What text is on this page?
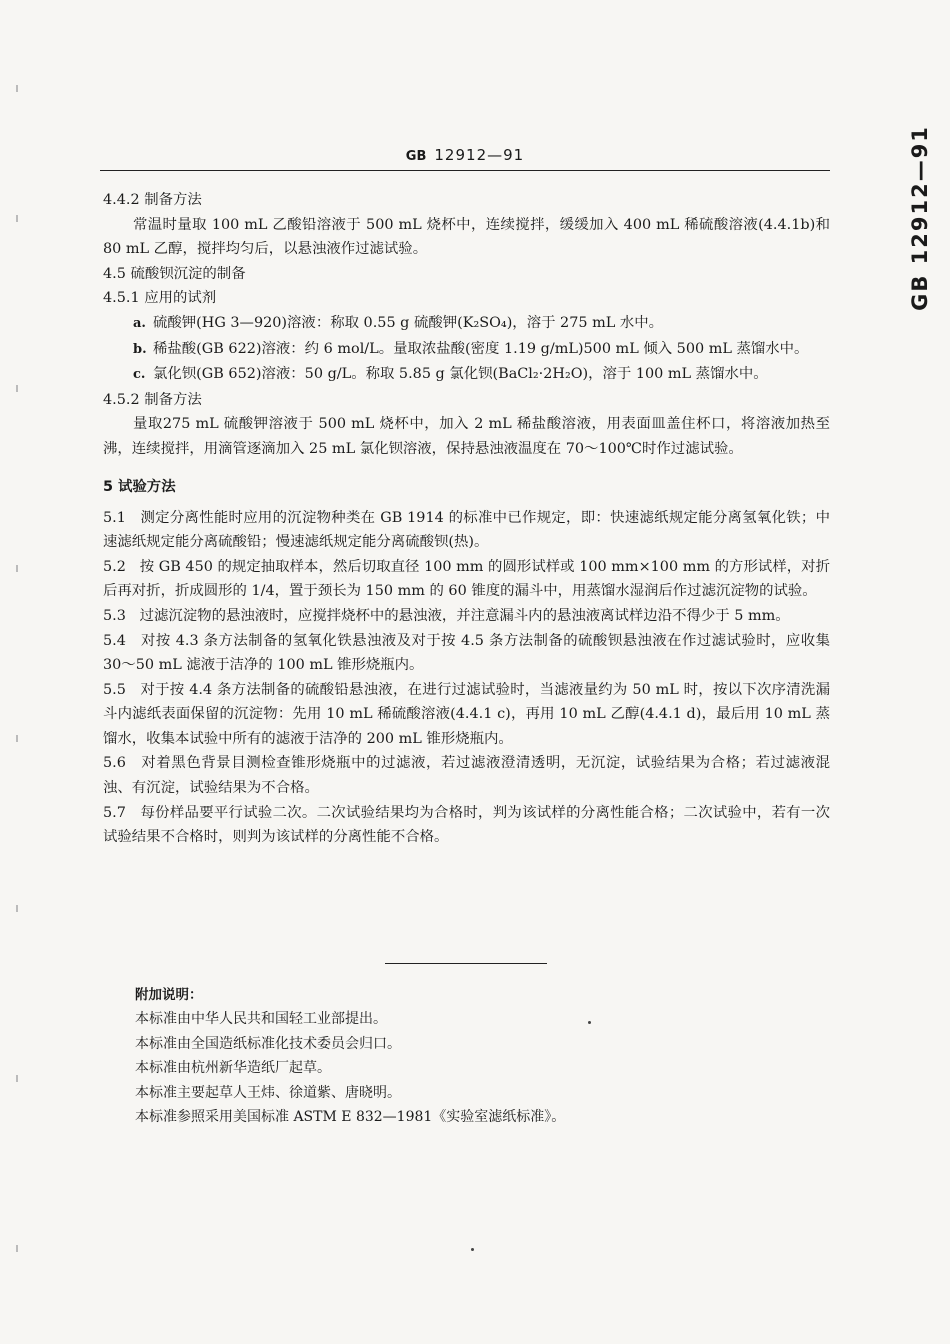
GB 12912—91
GB 12912—91
4.4.2 制备方法
常温时量取 100 mL 乙酸铅溶液于 500 mL 烧杯中，连续搅拌，缓缓加入 400 mL 稀硫酸溶液(4.4.1b)和 80 mL 乙醇，搅拌均匀后，以悬浊液作过滤试验。
4.5 硫酸钡沉淀的制备
4.5.1 应用的试剂
a. 硫酸钾(HG 3—920)溶液：称取 0.55 g 硫酸钾(K₂SO₄)，溶于 275 mL 水中。
b. 稀盐酸(GB 622)溶液：约 6 mol/L。量取浓盐酸(密度 1.19 g/mL)500 mL 倾入 500 mL 蒸馏水中。
c. 氯化钡(GB 652)溶液：50 g/L。称取 5.85 g 氯化钡(BaCl₂·2H₂O)，溶于 100 mL 蒸馏水中。
4.5.2 制备方法
量取275 mL 硫酸钾溶液于 500 mL 烧杯中，加入 2 mL 稀盐酸溶液，用表面皿盖住杯口，将溶液加热至沸，连续搅拌，用滴管逐滴加入 25 mL 氯化钡溶液，保持悬浊液温度在 70～100℃时作过滤试验。
5 试验方法
5.1 测定分离性能时应用的沉淀物种类在 GB 1914 的标准中已作规定，即：快速滤纸规定能分离氢氧化铁；中速滤纸规定能分离硫酸铅；慢速滤纸规定能分离硫酸钡(热)。
5.2 按 GB 450 的规定抽取样本，然后切取直径 100 mm 的圆形试样或 100 mm×100 mm 的方形试样，对折后再对折，折成圆形的 1/4，置于颈长为 150 mm 的 60 锥度的漏斗中，用蒸馏水湿润后作过滤沉淀物的试验。
5.3 过滤沉淀物的悬浊液时，应搅拌烧杯中的悬浊液，并注意漏斗内的悬浊液离试样边沿不得少于 5 mm。
5.4 对按 4.3 条方法制备的氢氧化铁悬浊液及对于按 4.5 条方法制备的硫酸钡悬浊液在作过滤试验时，应收集 30～50 mL 滤液于洁净的 100 mL 锥形烧瓶内。
5.5 对于按 4.4 条方法制备的硫酸铅悬浊液，在进行过滤试验时，当滤液量约为 50 mL 时，按以下次序清洗漏斗内滤纸表面保留的沉淀物：先用 10 mL 稀硫酸溶液(4.4.1 c)，再用 10 mL 乙醇(4.4.1 d)，最后用 10 mL 蒸馏水，收集本试验中所有的滤液于洁净的 200 mL 锥形烧瓶内。
5.6 对着黑色背景目测检查锥形烧瓶中的过滤液，若过滤液澄清透明，无沉淀，试验结果为合格；若过滤液混浊、有沉淀，试验结果为不合格。
5.7 每份样品要平行试验二次。二次试验结果均为合格时，判为该试样的分离性能合格；二次试验中，若有一次试验结果不合格时，则判为该试样的分离性能不合格。
附加说明：
本标准由中华人民共和国轻工业部提出。
本标准由全国造纸标准化技术委员会归口。
本标准由杭州新华造纸厂起草。
本标准主要起草人王炜、徐道紫、唐晓明。
本标准参照采用美国标准 ASTM E 832—1981《实验室滤纸标准》。
